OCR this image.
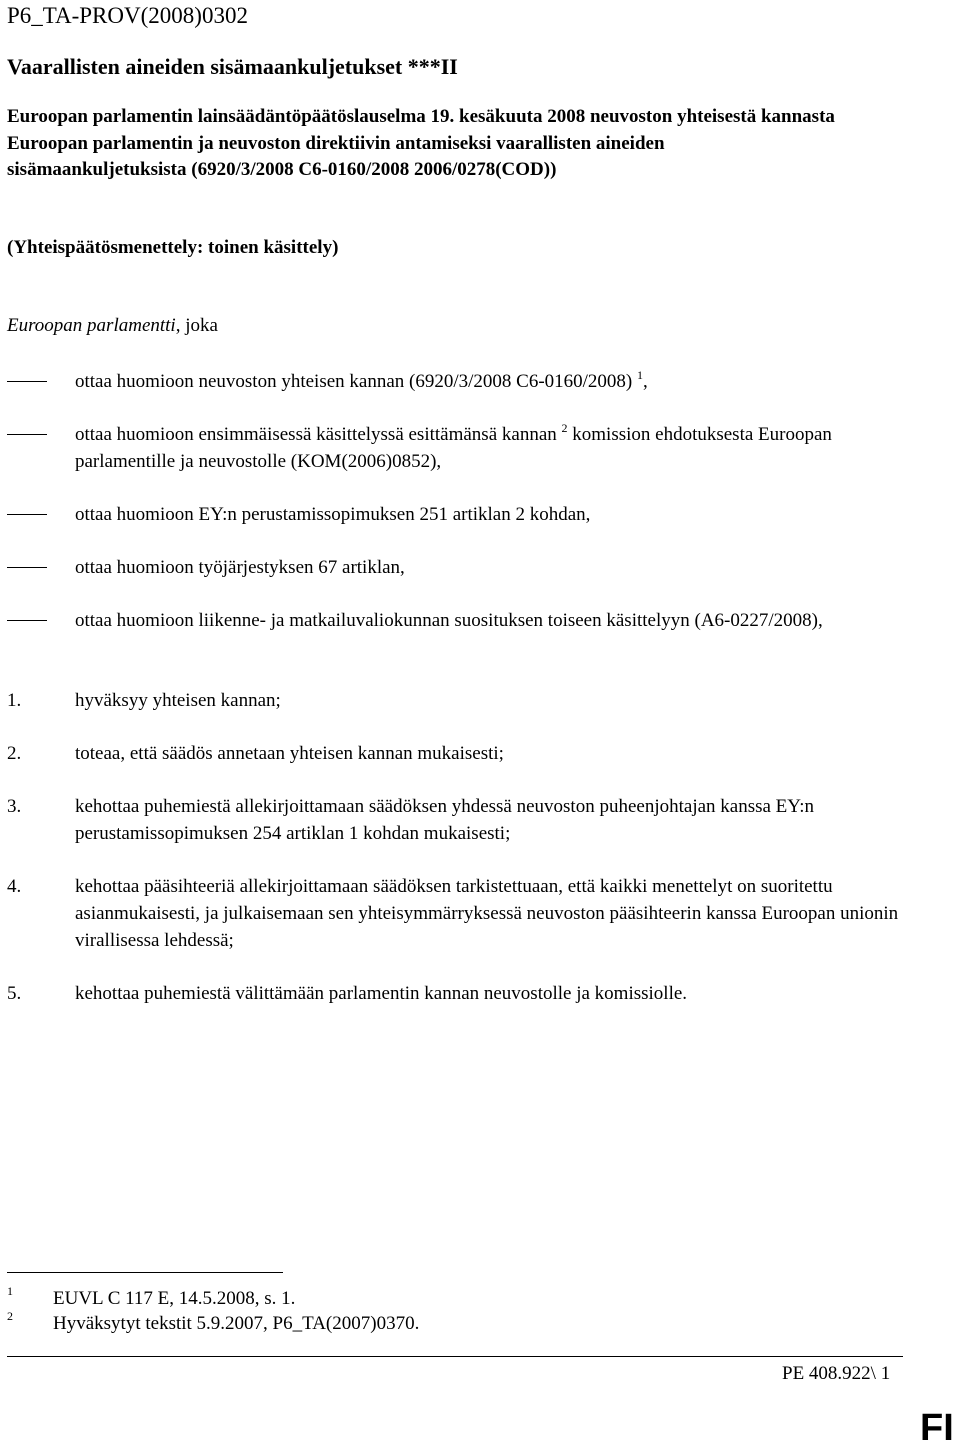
P6_TA-PROV(2008)0302
Vaarallisten aineiden sisämaankuljetukset ***II
Euroopan parlamentin lainsäädäntöpäätöslauselma 19. kesäkuuta 2008 neuvoston yhteisestä kannasta Euroopan parlamentin ja neuvoston direktiivin antamiseksi vaarallisten aineiden sisämaankuljetuksista (6920/3/2008 C6-0160/2008 2006/0278(COD))
(Yhteispäätösmenettely: toinen käsittely)
Euroopan parlamentti, joka
ottaa huomioon neuvoston yhteisen kannan (6920/3/2008 C6-0160/2008) $^1$,
ottaa huomioon ensimmäisessä käsittelyssä esittämänsä kannan $^2$ komission ehdotuksesta Euroopan parlamentille ja neuvostolle (KOM(2006)0852),
ottaa huomioon EY:n perustamissopimuksen 251 artiklan 2 kohdan,
ottaa huomioon työjärjestyksen 67 artiklan,
ottaa huomioon liikenne- ja matkailuvaliokunnan suosituksen toiseen käsittelyyn (A6-0227/2008),
1.	hyväksyy yhteisen kannan;
2.	toteaa, että säädös annetaan yhteisen kannan mukaisesti;
3.	kehottaa puhemiestä allekirjoittamaan säädöksen yhdessä neuvoston puheenjohtajan kanssa EY:n perustamissopimuksen 254 artiklan 1 kohdan mukaisesti;
4.	kehottaa pääsihteeriä allekirjoittamaan säädöksen tarkistettuaan, että kaikki menettelyt on suoritettu asianmukaisesti, ja julkaisemaan sen yhteisymmärryksessä neuvoston pääsihteerin kanssa Euroopan unionin virallisessa lehdessä;
5.	kehottaa puhemiestä välittämään parlamentin kannan neuvostolle ja komissiolle.
1 EUVL C 117 E, 14.5.2008, s. 1.
2 Hyväksytyt tekstit 5.9.2007, P6_TA(2007)0370.
PE 408.922\ 1
FI
